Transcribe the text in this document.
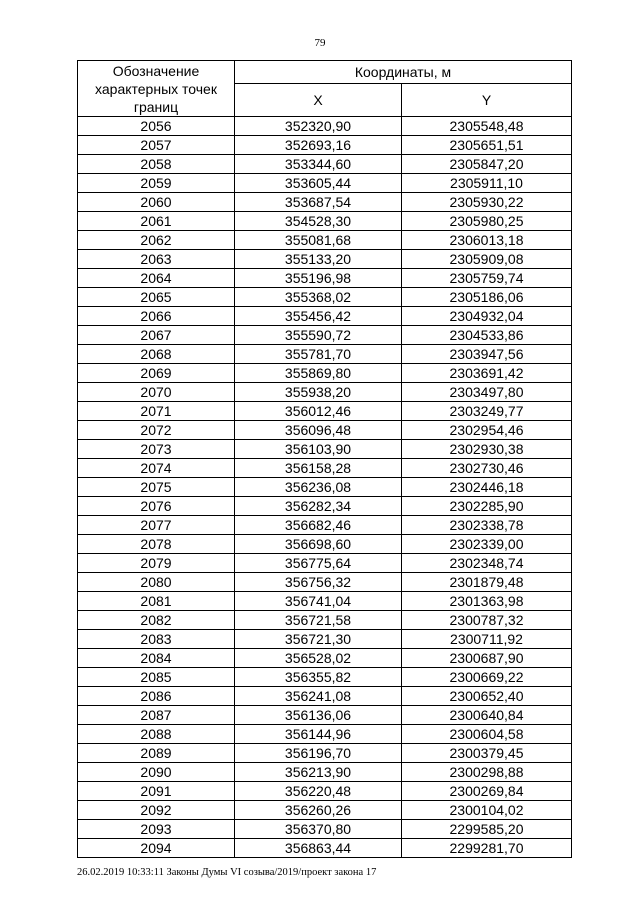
79
Обозначение
характерных точек
границ	Координаты, м	
	X	Y
2056	352320,90	2305548,48
2057	352693,16	2305651,51
2058	353344,60	2305847,20
2059	353605,44	2305911,10
2060	353687,54	2305930,22
2061	354528,30	2305980,25
2062	355081,68	2306013,18
2063	355133,20	2305909,08
2064	355196,98	2305759,74
2065	355368,02	2305186,06
2066	355456,42	2304932,04
2067	355590,72	2304533,86
2068	355781,70	2303947,56
2069	355869,80	2303691,42
2070	355938,20	2303497,80
2071	356012,46	2303249,77
2072	356096,48	2302954,46
2073	356103,90	2302930,38
2074	356158,28	2302730,46
2075	356236,08	2302446,18
2076	356282,34	2302285,90
2077	356682,46	2302338,78
2078	356698,60	2302339,00
2079	356775,64	2302348,74
2080	356756,32	2301879,48
2081	356741,04	2301363,98
2082	356721,58	2300787,32
2083	356721,30	2300711,92
2084	356528,02	2300687,90
2085	356355,82	2300669,22
2086	356241,08	2300652,40
2087	356136,06	2300640,84
2088	356144,96	2300604,58
2089	356196,70	2300379,45
2090	356213,90	2300298,88
2091	356220,48	2300269,84
2092	356260,26	2300104,02
2093	356370,80	2299585,20
2094	356863,44	2299281,70
26.02.2019 10:33:11 Законы Думы VI созыва/2019/проект закона 17
